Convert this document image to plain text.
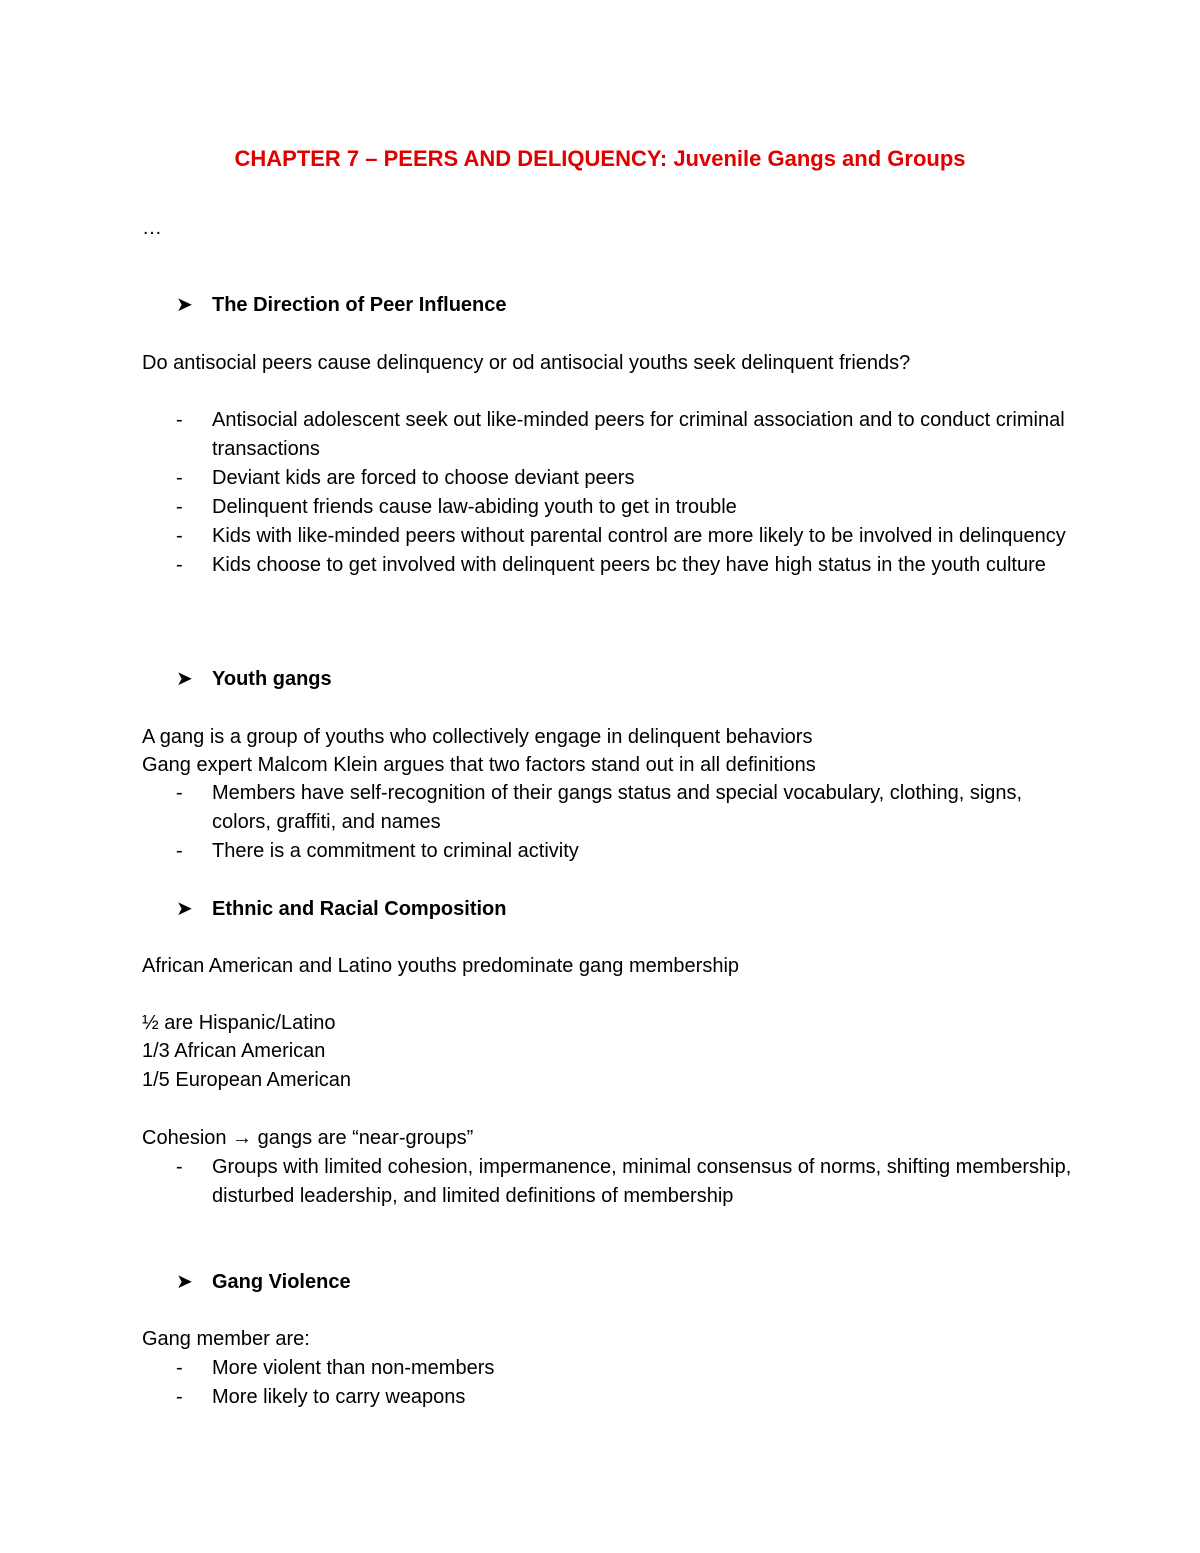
CHAPTER 7 – PEERS AND DELIQUENCY: Juvenile Gangs and Groups
…
➤ The Direction of Peer Influence
Do antisocial peers cause delinquency or od antisocial youths seek delinquent friends?
- Antisocial adolescent seek out like-minded peers for criminal association and to conduct criminal transactions
- Deviant kids are forced to choose deviant peers
- Delinquent friends cause law-abiding youth to get in trouble
- Kids with like-minded peers without parental control are more likely to be involved in delinquency
- Kids choose to get involved with delinquent peers bc they have high status in the youth culture
➤ Youth gangs
A gang is a group of youths who collectively engage in delinquent behaviors
Gang expert Malcom Klein argues that two factors stand out in all definitions
- Members have self-recognition of their gangs status and special vocabulary, clothing, signs, colors, graffiti, and names
- There is a commitment to criminal activity
➤ Ethnic and Racial Composition
African American and Latino youths predominate gang membership
½ are Hispanic/Latino
1/3 African American
1/5 European American
Cohesion → gangs are “near-groups”
- Groups with limited cohesion, impermanence, minimal consensus of norms, shifting membership, disturbed leadership, and limited definitions of membership
➤ Gang Violence
Gang member are:
- More violent than non-members
- More likely to carry weapons
